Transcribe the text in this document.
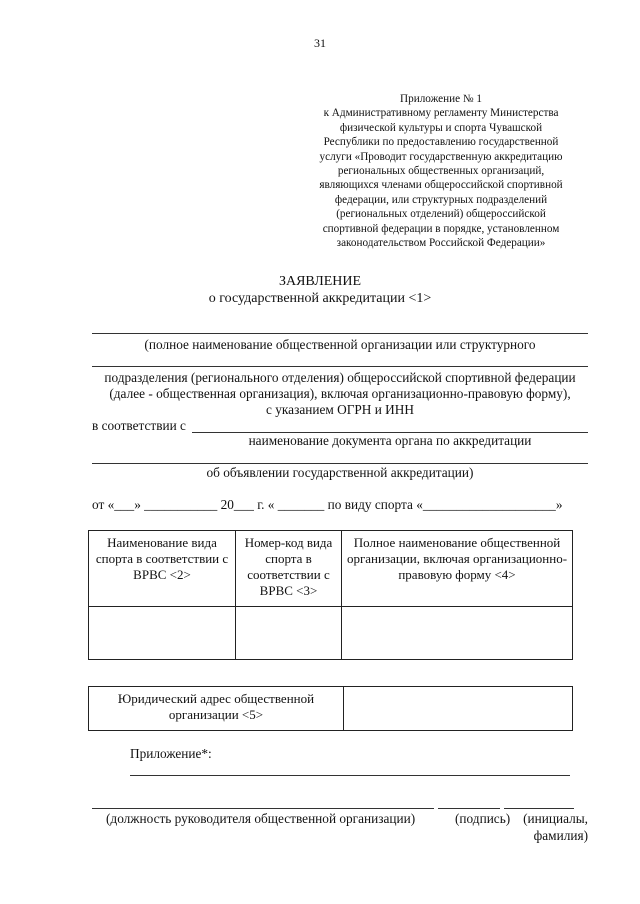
31
Приложение № 1
к Административному регламенту Министерства
физической культуры и спорта Чувашской
Республики по предоставлению государственной
услуги «Проводит государственную аккредитацию
региональных общественных организаций,
являющихся членами общероссийской спортивной
федерации, или структурных подразделений
(региональных отделений) общероссийской
спортивной федерации в порядке, установленном
законодательством Российской Федерации»
ЗАЯВЛЕНИЕ
о государственной аккредитации <1>
(полное наименование общественной организации или структурного
подразделения (регионального отделения) общероссийской спортивной федерации
(далее - общественная организация), включая организационно-правовую форму),
с указанием ОГРН и ИНН
в соответствии с
наименование документа органа по аккредитации
об объявлении государственной аккредитации)
от «___» ___________ 20___ г. « _______ по виду спорта «____________________»
Наименование вида спорта в соответствии с ВРВС <2>	Номер-код вида спорта в соответствии с ВРВС <3>	Полное наименование общественной организации, включая организационно-правовую форму <4>

Юридический адрес общественной организации <5>	
Приложение*:
(должность руководителя общественной организации)	(подпись) (инициалы,
фамилия)
